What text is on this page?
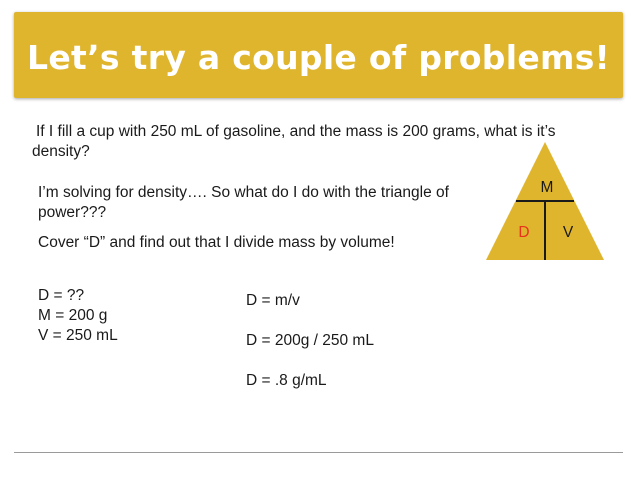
Let’s try a couple of problems!
If I fill a cup with 250 mL of gasoline, and the mass is 200 grams, what is it’s density?
I’m solving for density…. So what do I do with the triangle of power???
Cover “D” and find out that I divide mass by volume!
D = ??
M = 200 g
V = 250 mL
D = m/v
D = 200g / 250 mL
D = .8 g/mL
M
D V
